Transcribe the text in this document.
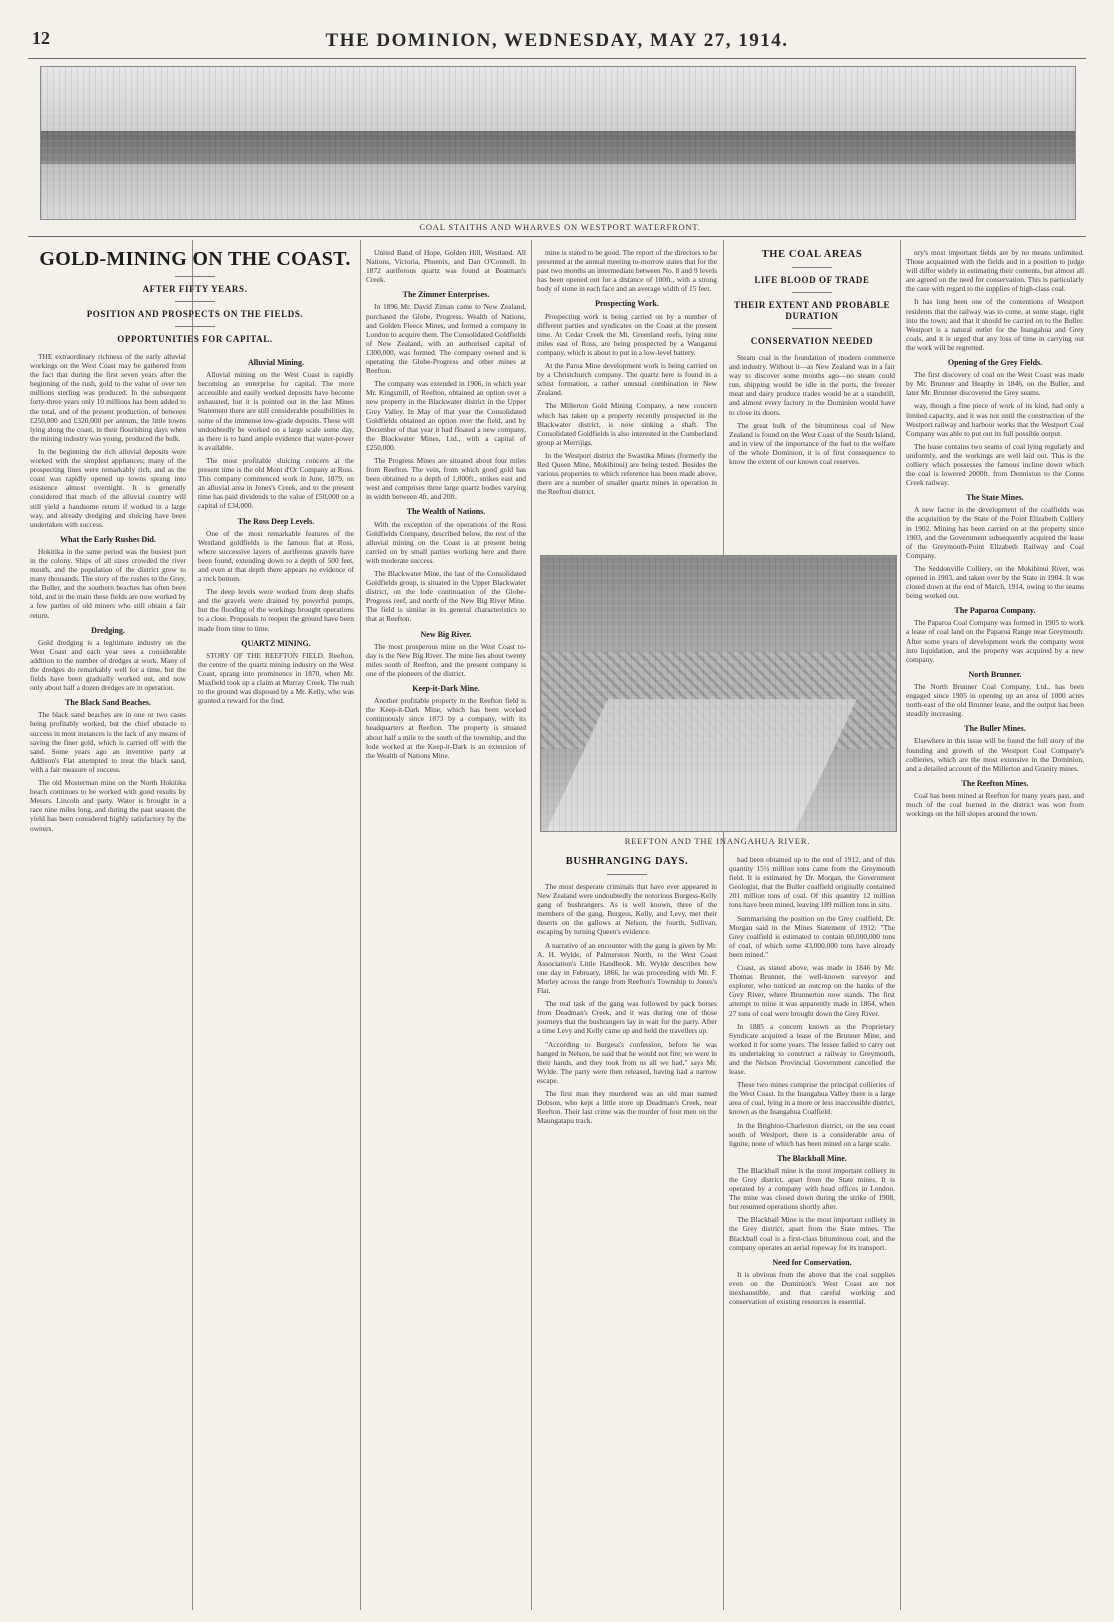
12	THE DOMINION, WEDNESDAY, MAY 27, 1914.
COAL STAITHS AND WHARVES ON WESTPORT WATERFRONT.
GOLD-MINING ON THE COAST.
AFTER FIFTY YEARS.
POSITION AND PROSPECTS ON THE FIELDS.
OPPORTUNITIES FOR CAPITAL.

THE extraordinary richness of the early alluvial workings on the West Coast may be gathered from the fact that during the first seven years after the beginning of the rush, gold to the value of over ten millions sterling was produced. In the subsequent forty-three years only 10 millions has been added to the total, and of the present production, of between £250,000 and £320,000 per annum, the little towns lying along the coast, in their flourishing days when the mining industry was young, produced the bulk.

In the beginning the rich alluvial deposits were worked with the simplest appliances; many of the prospecting lines were remarkably rich, and as the coast was rapidly opened up towns sprang into existence almost overnight. It is generally considered that much of the alluvial country will still yield a handsome return if worked in a large way, and already dredging and sluicing have been undertaken with success.

What the Early Rushes Did.

Hokitika in the same period was the busiest port in the colony. Ships of all sizes crowded the river mouth, and the population of the district grew to many thousands. The story of the rushes to the Grey, the Buller, and the southern beaches has often been told, and in the main these fields are now worked by a few parties of old miners who still obtain a fair return.

Dredging.

Gold dredging is a legitimate industry on the West Coast and each year sees a considerable addition to the number of dredges at work. Many of the dredges do remarkably well for a time, but the fields have been gradually worked out, and now only about half a dozen dredges are in operation.

The Black Sand Beaches.

The black sand beaches are in one or two cases being profitably worked, but the chief obstacle to success in most instances is the lack of any means of saving the finer gold, which is carried off with the sand. Some years ago an inventive party at Addison's Flat attempted to treat the black sand, with a fair measure of success.

The old Mosterman mine on the North Hokitika beach continues to be worked with good results by Messrs. Lincoln and party. Water is brought in a race nine miles long, and during the past season the yield has been considered highly satisfactory by the owners.

Alluvial Mining.

Alluvial mining on the West Coast is rapidly becoming an enterprise for capital. The more accessible and easily worked deposits have become exhausted, but it is pointed out in the last Mines Statement there are still considerable possibilities in some of the immense low-grade deposits. These will undoubtedly be worked on a large scale some day, as there is to hand ample evidence that water-power is available.

The most profitable sluicing concern at the present time is the old Mont d'Or Company at Ross. This company commenced work in June, 1879, on an alluvial area in Jones's Creek, and to the present time has paid dividends to the value of £50,000 on a capital of £34,000.

The Ross Deep Levels.

One of the most remarkable features of the Westland goldfields is the famous flat at Ross, where successive layers of auriferous gravels have been found, extending down to a depth of 500 feet, and even at that depth there appears no evidence of a rock bottom.

The deep levels were worked from deep shafts and the gravels were drained by powerful pumps, but the flooding of the workings brought operations to a close. Proposals to reopen the ground have been made from time to time.

QUARTZ MINING.

STORY OF THE REEFTON FIELD. Reefton, the centre of the quartz mining industry on the West Coast, sprang into prominence in 1870, when Mr. Maxfield took up a claim at Murray Creek. The rush to the ground was disposed by a Mr. Kelly, who was granted a reward for the find.

United Band of Hope, Golden Hill, Westland. All Nations, Victoria, Phoenix, and Dan O'Connell. In 1872 auriferous quartz was found at Boatman's Creek.

The Zimmer Enterprises.

In 1896 Mr. David Ziman came to New Zealand, purchased the Globe, Progress, Wealth of Nations, and Golden Fleece Mines, and formed a company in London to acquire them. The Consolidated Goldfields of New Zealand, with an authorised capital of £300,000, was formed. The company owned and is operating the Globe-Progress and other mines at Reefton.

The company was extended in 1906, in which year Mr. Kingsmill, of Reefton, obtained an option over a new property in the Blackwater district in the Upper Grey Valley. In May of that year the Consolidated Goldfields obtained an option over the field, and by December of that year it had floated a new company, the Blackwater Mines, Ltd., with a capital of £250,000.

The Progress Mines are situated about four miles from Reefton. The vein, from which good gold has been obtained to a depth of 1,000ft., strikes east and west and comprises three large quartz bodies varying in width between 4ft. and 20ft.

The Wealth of Nations.

With the exception of the operations of the Ross Goldfields Company, described below, the rest of the alluvial mining on the Coast is at present being carried on by small parties working here and there with moderate success.

The Blackwater Mine, the last of the Consolidated Goldfields group, is situated in the Upper Blackwater district, on the lode continuation of the Globe-Progress reef, and north of the New Big River Mine. The field is similar in its general characteristics to that at Reefton.

New Big River.

The most prosperous mine on the West Coast to-day is the New Big River. The mine lies about twenty miles south of Reefton, and the present company is one of the pioneers of the district.

Keep-it-Dark Mine.

Another profitable property in the Reefton field is the Keep-it-Dark Mine, which has been worked continuously since 1873 by a company, with its headquarters at Reefton. The property is situated about half a mile to the south of the township, and the lode worked at the Keep-it-Dark is an extension of the Wealth of Nations Mine.

mine is stated to be good. The report of the directors to be presented at the annual meeting to-morrow states that for the past two months an intermediate between No. 8 and 9 levels has been opened out for a distance of 100ft., with a strong body of stone in each face and an average width of 15 feet.

Prospecting Work.

Prospecting work is being carried on by a number of different parties and syndicates on the Coast at the present time. At Cedar Creek the Mt. Greenland reefs, lying nine miles east of Ross, are being prospected by a Wanganui company, which is about to put in a low-level battery.

At the Paroa Mine development work is being carried on by a Christchurch company. The quartz here is found in a schist formation, a rather unusual combination in New Zealand.

The Millerton Gold Mining Company, a new concern which has taken up a property recently prospected in the Blackwater district, is now sinking a shaft. The Consolidated Goldfields is also interested in the Cumberland group at Merrijigs.

In the Westport district the Swastika Mines (formerly the Red Queen Mine, Mokihinui) are being tested. Besides the various properties to which reference has been made above, there are a number of smaller quartz mines in operation in the Reefton district.

THE COAL AREAS
LIFE BLOOD OF TRADE
THEIR EXTENT AND PROBABLE DURATION
CONSERVATION NEEDED

Steam coal is the foundation of modern commerce and industry. Without it—as New Zealand was in a fair way to discover some months ago—no steam could run, shipping would be idle in the ports, the freezer meat and dairy produce trades would be at a standstill, and almost every factory in the Dominion would have to close its doors.

The great bulk of the bituminous coal of New Zealand is found on the West Coast of the South Island, and in view of the importance of the fuel to the welfare of the whole Dominion, it is of first consequence to know the extent of our known coal reserves.

REEFTON AND THE INANGAHUA RIVER.
BUSHRANGING DAYS.

The most desperate criminals that have ever appeared in New Zealand were undoubtedly the notorious Burgess-Kelly gang of bushrangers. As is well known, three of the members of the gang, Burgess, Kelly, and Levy, met their deserts on the gallows at Nelson, the fourth, Sullivan, escaping by turning Queen's evidence.

A narrative of an encounter with the gang is given by Mr. A. H. Wylde, of Palmerston North, to the West Coast Association's Little Handbook. Mr. Wylde describes how one day in February, 1866, he was proceeding with Mr. F. Morley across the range from Reefton's Township to Jones's Flat.

The real task of the gang was followed by pack horses from Deadman's Creek, and it was during one of those journeys that the bushrangers lay in wait for the party. After a time Levy and Kelly came up and held the travellers up.

"According to Burgess's confession, before he was hanged in Nelson, he said that he would not fire; we were in their hands, and they took from us all we had," says Mr. Wylde. The party were then released, having had a narrow escape.

The first man they murdered was an old man named Dobson, who kept a little store up Deadman's Creek, near Reefton. Their last crime was the murder of four men on the Maungatapu track.

had been obtained up to the end of 1912, and of this quantity 15½ million tons came from the Greymouth field. It is estimated by Dr. Morgan, the Government Geologist, that the Buller coalfield originally contained 201 million tons of coal. Of this quantity 12 million tons have been mined, leaving 189 million tons in situ.

Summarising the position on the Grey coalfield, Dr. Morgan said in the Mines Statement of 1912: "The Grey coalfield is estimated to contain 60,000,000 tons of coal, of which some 43,000,000 tons have already been mined."

Coast, as stated above, was made in 1846 by Mr. Thomas Brunner, the well-known surveyor and explorer, who noticed an outcrop on the banks of the Grey River, where Brunnerton now stands. The first attempt to mine it was apparently made in 1864, when 27 tons of coal were brought down the Grey River.

In 1885 a concern known as the Proprietary Syndicate acquired a lease of the Brunner Mine, and worked it for some years. The lessee failed to carry out its undertaking to construct a railway to Greymouth, and the Nelson Provincial Government cancelled the lease.

These two mines comprise the principal collieries of the West Coast. In the Inangahua Valley there is a large area of coal, lying in a more or less inaccessible district, known as the Inangahua Coalfield.

In the Brighton-Charleston district, on the sea coast south of Westport, there is a considerable area of lignite, none of which has been mined on a large scale.

The Blackball Mine.

The Blackball mine is the most important colliery in the Grey district, apart from the State mines. It is operated by a company with head offices in London. The mine was closed down during the strike of 1908, but resumed operations shortly after.

The Blackball Mine is the most important colliery in the Grey district, apart from the State mines. The Blackball coal is a first-class bituminous coal, and the company operates an aerial ropeway for its transport.

Need for Conservation.

It is obvious from the above that the coal supplies even on the Dominion's West Coast are not inexhaustible, and that careful working and conservation of existing resources is essential.

nry's most important fields are by no means unlimited. Those acquainted with the fields and in a position to judge will differ widely in estimating their contents, but almost all are agreed on the need for conservation. This is particularly the case with regard to the supplies of high-class coal.

It has long been one of the contentions of Westport residents that the railway was to come, at some stage, right into the town; and that it should be carried on to the Buller. Westport is a natural outlet for the Inangahua and Grey coals, and it is urged that any loss of time in carrying out the work will be regretted.

Opening of the Grey Fields.

The first discovery of coal on the West Coast was made by Mr. Brunner and Heaphy in 1846, on the Buller, and later Mr. Brunner discovered the Grey seams.

way, though a fine piece of work of its kind, had only a limited capacity, and it was not until the construction of the Westport railway and harbour works that the Westport Coal Company was able to put out its full possible output.

The lease contains two seams of coal lying regularly and uniformly, and the workings are well laid out. This is the colliery which possesses the famous incline down which the coal is lowered 2000ft. from Denniston to the Conns Creek railway.

The State Mines.

A new factor in the development of the coalfields was the acquisition by the State of the Point Elizabeth Colliery in 1902. Mining has been carried on at the property since 1903, and the Government subsequently acquired the lease of the Greymouth-Point Elizabeth Railway and Coal Company.

The Seddonville Colliery, on the Mokihinui River, was opened in 1903, and taken over by the State in 1904. It was closed down at the end of March, 1914, owing to the seams being worked out.

The Paparoa Company.

The Paparoa Coal Company was formed in 1905 to work a lease of coal land on the Paparoa Range near Greymouth. After some years of development work the company went into liquidation, and the property was acquired by a new company.

North Brunner.

The North Brunner Coal Company, Ltd., has been engaged since 1905 in opening up an area of 1000 acres north-east of the old Brunner lease, and the output has been steadily increasing.

The Buller Mines.

Elsewhere in this issue will be found the full story of the founding and growth of the Westport Coal Company's collieries, which are the most extensive in the Dominion, and a detailed account of the Millerton and Granity mines.

The Reefton Mines.

Coal has been mined at Reefton for many years past, and much of the coal burned in the district was won from workings on the hill slopes around the town.
